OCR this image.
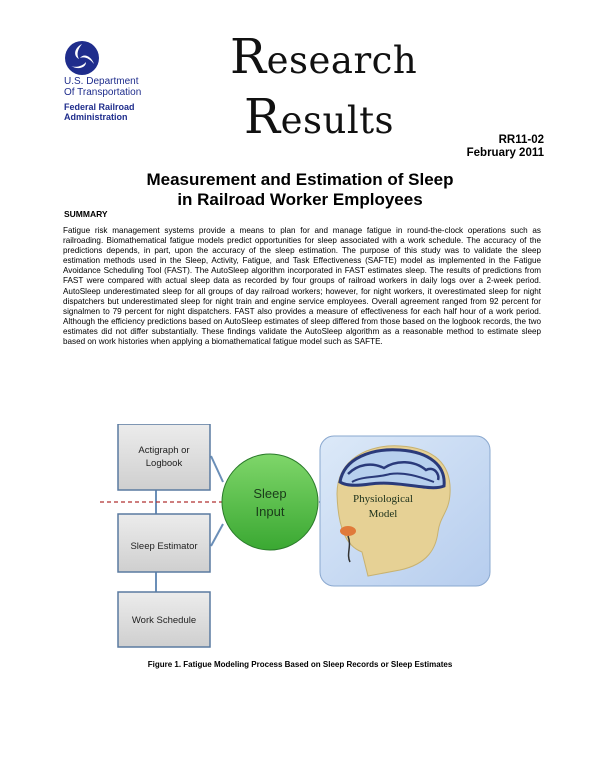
U.S. Department
Of Transportation
Federal Railroad
Administration
Research
Results	RR11-02
February 2011
Measurement and Estimation of Sleep
in Railroad Worker Employees
SUMMARY
Fatigue risk management systems provide a means to plan for and manage fatigue in round-the-clock operations such as railroading. Biomathematical fatigue models predict opportunities for sleep associated with a work schedule. The accuracy of the predictions depends, in part, upon the accuracy of the sleep estimation. The purpose of this study was to validate the sleep estimation methods used in the Sleep, Activity, Fatigue, and Task Effectiveness (SAFTE) model as implemented in the Fatigue Avoidance Scheduling Tool (FAST). The AutoSleep algorithm incorporated in FAST estimates sleep. The results of predictions from FAST were compared with actual sleep data as recorded by four groups of railroad workers in daily logs over a 2-week period. AutoSleep underestimated sleep for all groups of day railroad workers; however, for night workers, it overestimated sleep for night dispatchers but underestimated sleep for night train and engine service employees. Overall agreement ranged from 92 percent for signalmen to 79 percent for night dispatchers. FAST also provides a measure of effectiveness for each half hour of a work period. Although the efficiency predictions based on AutoSleep estimates of sleep differed from those based on the logbook records, the two estimates did not differ substantially. These findings validate the AutoSleep algorithm as a reasonable method to estimate sleep based on work histories when applying a biomathematical fatigue model such as SAFTE.
Actigraph or
Logbook
Sleep Estimator
Work Schedule
Sleep
Input
Physiological
Model
Figure 1. Fatigue Modeling Process Based on Sleep Records or Sleep Estimates
